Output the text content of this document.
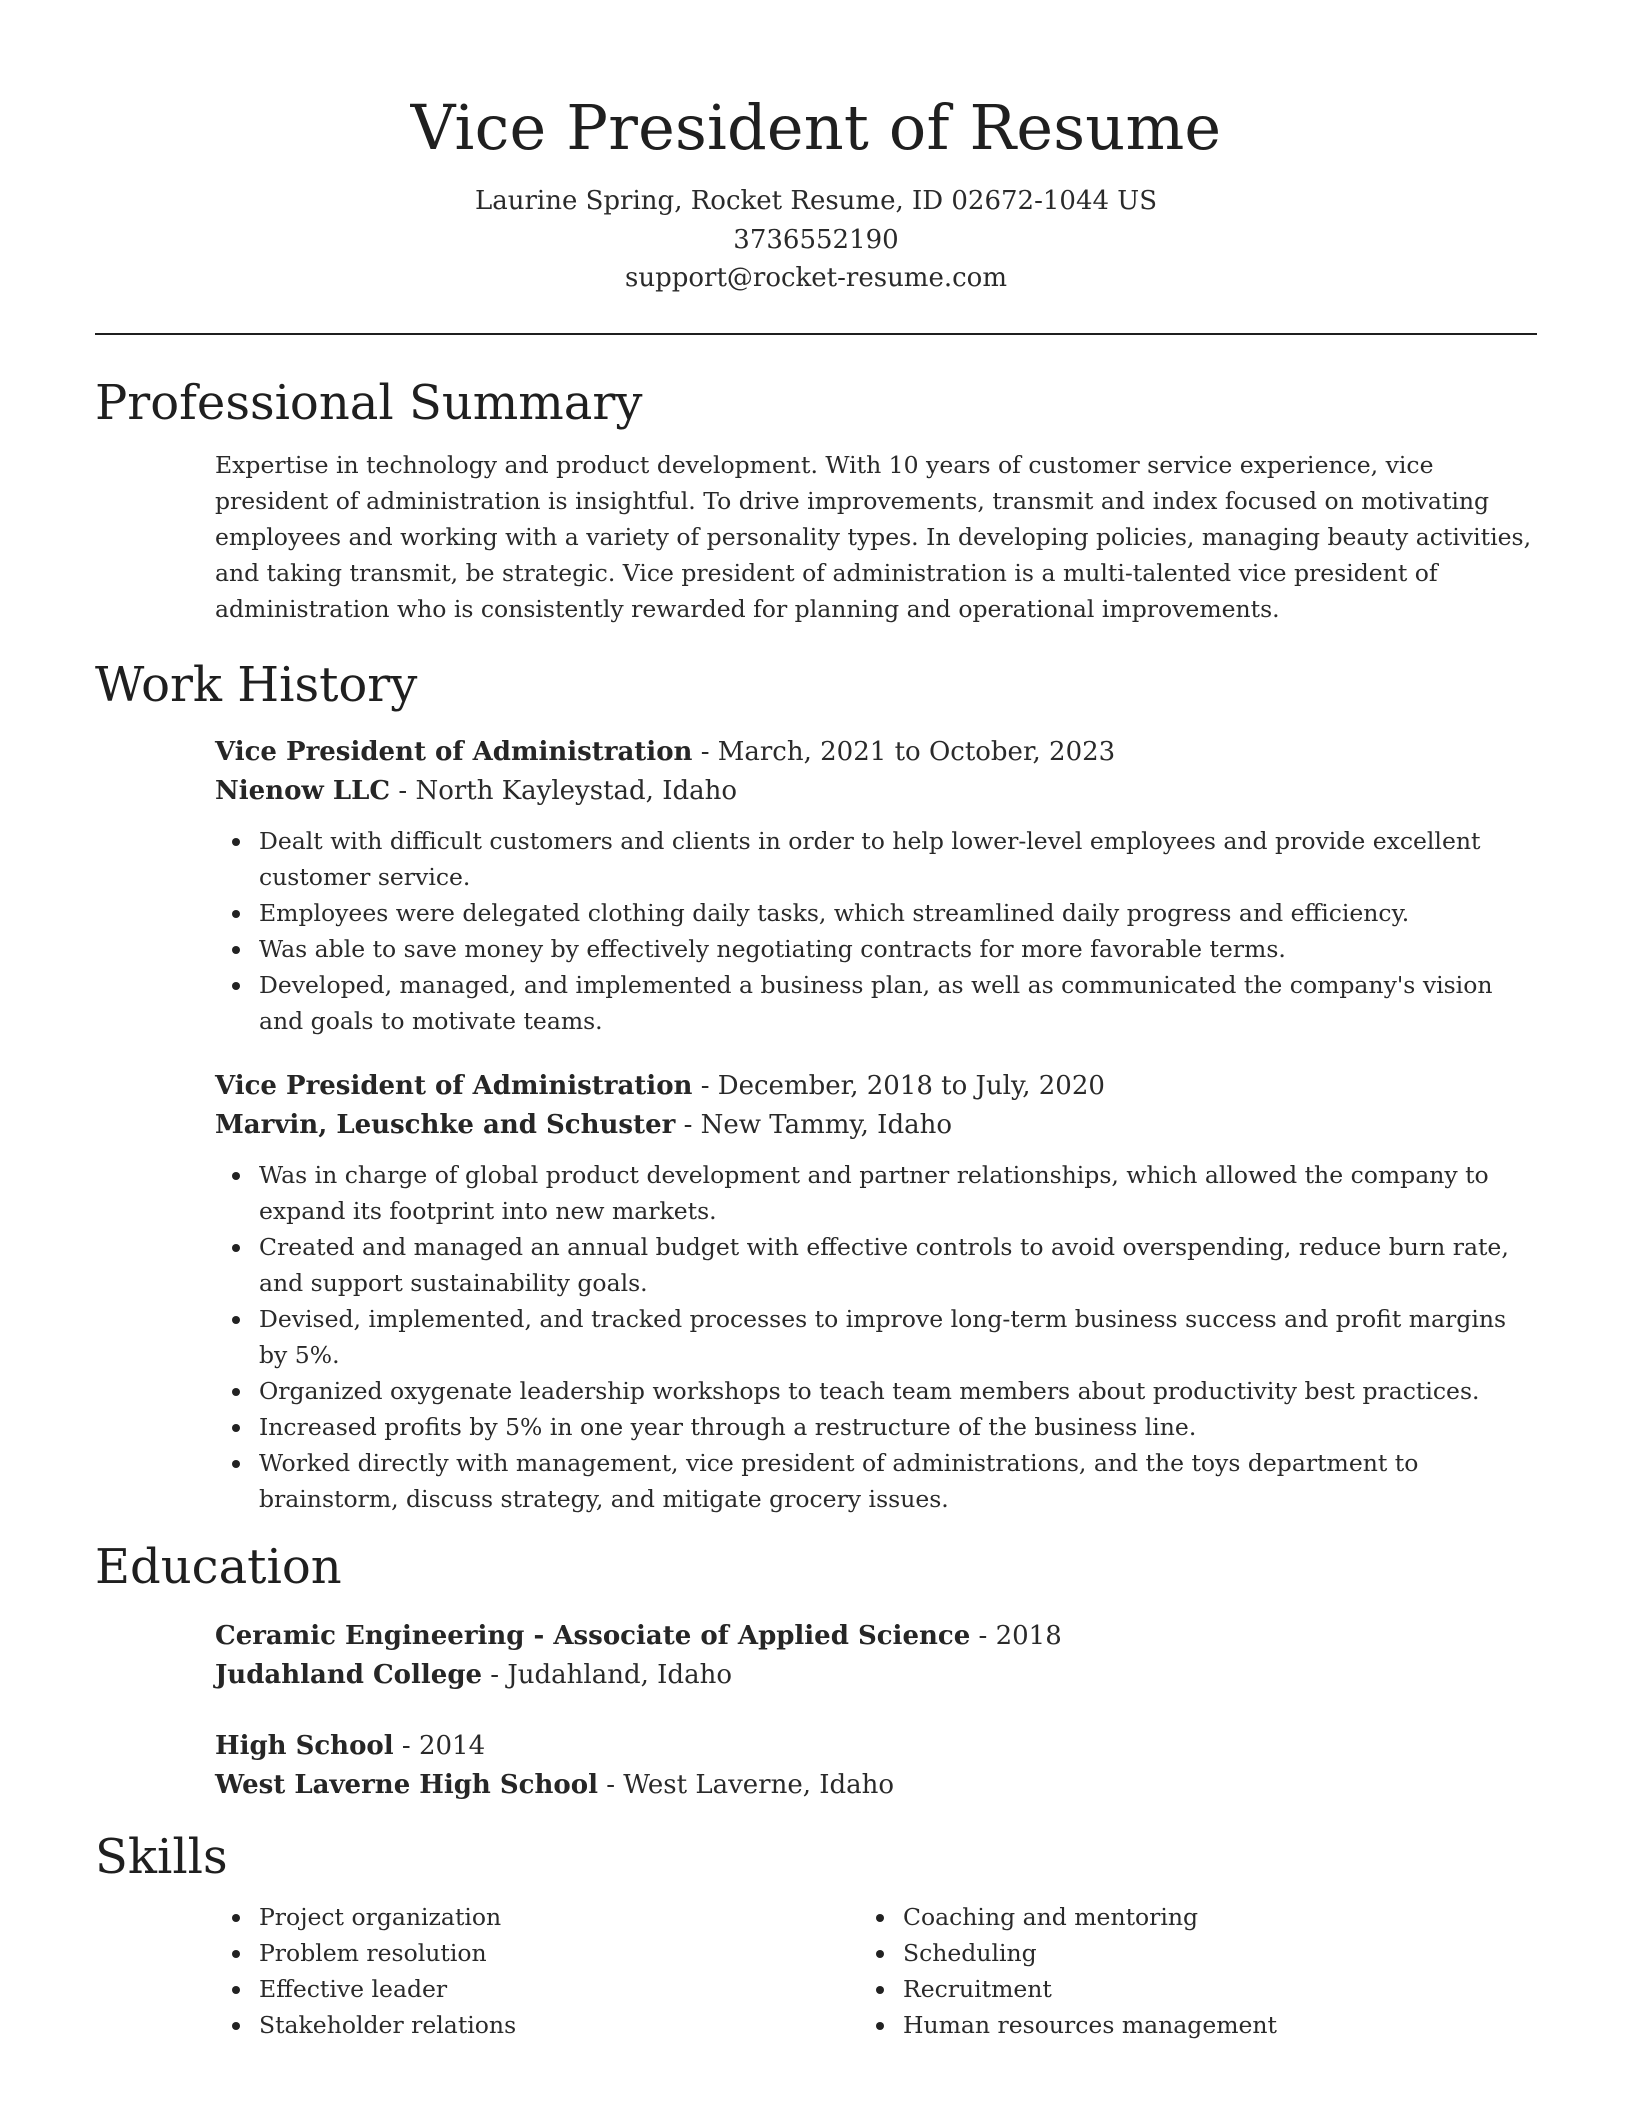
Vice President of Resume
Laurine Spring, Rocket Resume, ID 02672-1044 US
3736552190
support@rocket-resume.com
Professional Summary

Expertise in technology and product development. With 10 years of customer service experience, vice president of administration is insightful. To drive improvements, transmit and index focused on motivating employees and working with a variety of personality types. In developing policies, managing beauty activities, and taking transmit, be strategic. Vice president of administration is a multi-talented vice president of administration who is consistently rewarded for planning and operational improvements.

Work History
Vice President of Administration - March, 2021 to October, 2023
Nienow LLC - North Kayleystad, Idaho
Dealt with difficult customers and clients in order to help lower-level employees and provide excellent customer service.
Employees were delegated clothing daily tasks, which streamlined daily progress and efficiency.
Was able to save money by effectively negotiating contracts for more favorable terms.
Developed, managed, and implemented a business plan, as well as communicated the company's vision and goals to motivate teams.
Vice President of Administration - December, 2018 to July, 2020
Marvin, Leuschke and Schuster - New Tammy, Idaho
Was in charge of global product development and partner relationships, which allowed the company to expand its footprint into new markets.
Created and managed an annual budget with effective controls to avoid overspending, reduce burn rate, and support sustainability goals.
Devised, implemented, and tracked processes to improve long-term business success and profit margins by 5%.
Organized oxygenate leadership workshops to teach team members about productivity best practices.
Increased profits by 5% in one year through a restructure of the business line.
Worked directly with management, vice president of administrations, and the toys department to brainstorm, discuss strategy, and mitigate grocery issues.
Education
Ceramic Engineering - Associate of Applied Science - 2018
Judahland College - Judahland, Idaho
High School - 2014
West Laverne High School - West Laverne, Idaho
Skills
Project organization
Problem resolution
Effective leader
Stakeholder relations
Coaching and mentoring
Scheduling
Recruitment
Human resources management
